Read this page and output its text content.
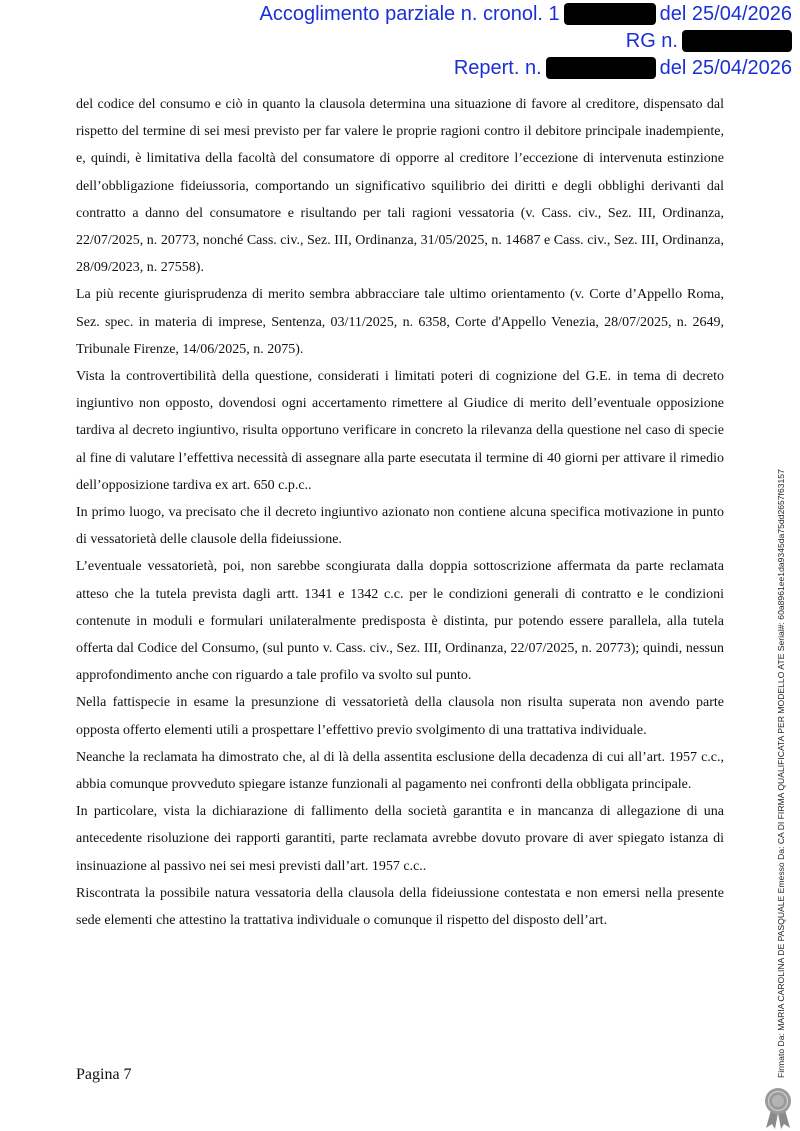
Accoglimento parziale n. cronol. 1	del 25/04/2026
RG n.
Repert. n.	del 25/04/2026

del codice del consumo e ciò in quanto la clausola determina una situazione di favore al creditore, dispensato dal rispetto del termine di sei mesi previsto per far valere le proprie ragioni contro il debitore principale inadempiente, e, quindi, è limitativa della facoltà del consumatore di opporre al creditore l’eccezione di intervenuta estinzione dell’obbligazione fideiussoria, comportando un significativo squilibrio dei diritti e degli obblighi derivanti dal contratto a danno del consumatore e risultando per tali ragioni vessatoria (v. Cass. civ., Sez. III, Ordinanza, 22/07/2025, n. 20773, nonché Cass. civ., Sez. III, Ordinanza, 31/05/2025, n. 14687 e Cass. civ., Sez. III, Ordinanza, 28/09/2023, n. 27558).

La più recente giurisprudenza di merito sembra abbracciare tale ultimo orientamento (v. Corte d’Appello Roma, Sez. spec. in materia di imprese, Sentenza, 03/11/2025, n. 6358, Corte d'Appello Venezia, 28/07/2025, n. 2649, Tribunale Firenze, 14/06/2025, n. 2075).

Vista la controvertibilità della questione, considerati i limitati poteri di cognizione del G.E. in tema di decreto ingiuntivo non opposto, dovendosi ogni accertamento rimettere al Giudice di merito dell’eventuale opposizione tardiva al decreto ingiuntivo, risulta opportuno verificare in concreto la rilevanza della questione nel caso di specie al fine di valutare l’effettiva necessità di assegnare alla parte esecutata il termine di 40 giorni per attivare il rimedio dell’opposizione tardiva ex art. 650 c.p.c..

In primo luogo, va precisato che il decreto ingiuntivo azionato non contiene alcuna specifica motivazione in punto di vessatorietà delle clausole della fideiussione.

L’eventuale vessatorietà, poi, non sarebbe scongiurata dalla doppia sottoscrizione affermata da parte reclamata atteso che la tutela prevista dagli artt. 1341 e 1342 c.c. per le condizioni generali di contratto e le condizioni contenute in moduli e formulari unilateralmente predisposta è distinta, pur potendo essere parallela, alla tutela offerta dal Codice del Consumo, (sul punto v. Cass. civ., Sez. III, Ordinanza, 22/07/2025, n. 20773); quindi, nessun approfondimento anche con riguardo a tale profilo va svolto sul punto.

Nella fattispecie in esame la presunzione di vessatorietà della clausola non risulta superata non avendo parte opposta offerto elementi utili a prospettare l’effettivo previo svolgimento di una trattativa individuale.

Neanche la reclamata ha dimostrato che, al di là della assentita esclusione della decadenza di cui all’art. 1957 c.c., abbia comunque provveduto spiegare istanze funzionali al pagamento nei confronti della obbligata principale.

In particolare, vista la dichiarazione di fallimento della società garantita e in mancanza di allegazione di una antecedente risoluzione dei rapporti garantiti, parte reclamata avrebbe dovuto provare di aver spiegato istanza di insinuazione al passivo nei sei mesi previsti dall’art. 1957 c.c..

Riscontrata la possibile natura vessatoria della clausola della fideiussione contestata e non emersi nella presente sede elementi che attestino la trattativa individuale o comunque il rispetto del disposto dell’art.

Pagina 7	Firmato Da: MARIA CAROLINA DE PASQUALE Emesso Da: CA DI FIRMA QUALIFICATA PER MODELLO ATE Serial#: 60a8961ee1da9345da75dd2657f63157
